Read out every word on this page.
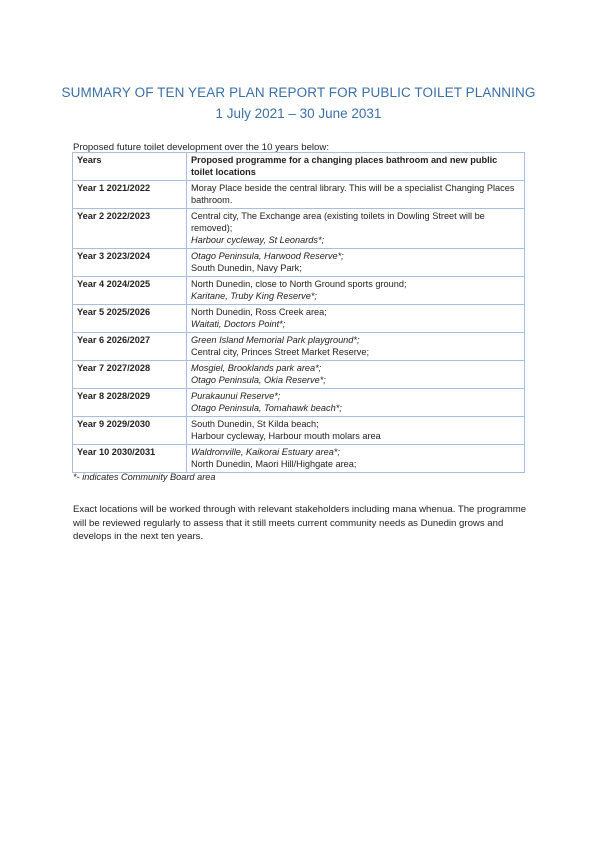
SUMMARY OF TEN YEAR PLAN REPORT FOR PUBLIC TOILET PLANNING
1 July 2021 – 30 June 2031
Proposed future toilet development over the 10 years below:
Years	Proposed programme for a changing places bathroom and new public toilet locations
Year 1 2021/2022	Moray Place beside the central library. This will be a specialist Changing Places bathroom.

Year 2 2022/2023	Central city, The Exchange area (existing toilets in Dowling Street will be removed);
Harbour cycleway, St Leonards*;

Year 3 2023/2024	Otago Peninsula, Harwood Reserve*;
South Dunedin, Navy Park;

Year 4 2024/2025	North Dunedin, close to North Ground sports ground;
Karitane, Truby King Reserve*;

Year 5 2025/2026	North Dunedin, Ross Creek area;
Waitati, Doctors Point*;

Year 6 2026/2027	Green Island Memorial Park playground*;
Central city, Princes Street Market Reserve;

Year 7 2027/2028	Mosgiel, Brooklands park area*;
Otago Peninsula, Okia Reserve*;

Year 8 2028/2029	Purakaunui Reserve*;
Otago Peninsula, Tomahawk beach*;

Year 9 2029/2030	South Dunedin, St Kilda beach;
Harbour cycleway, Harbour mouth molars area

Year 10 2030/2031	Waldronville, Kaikorai Estuary area*;
North Dunedin, Maori Hill/Highgate area;
*- indicates Community Board area
Exact locations will be worked through with relevant stakeholders including mana whenua. The programme will be reviewed regularly to assess that it still meets current community needs as Dunedin grows and develops in the next ten years.
